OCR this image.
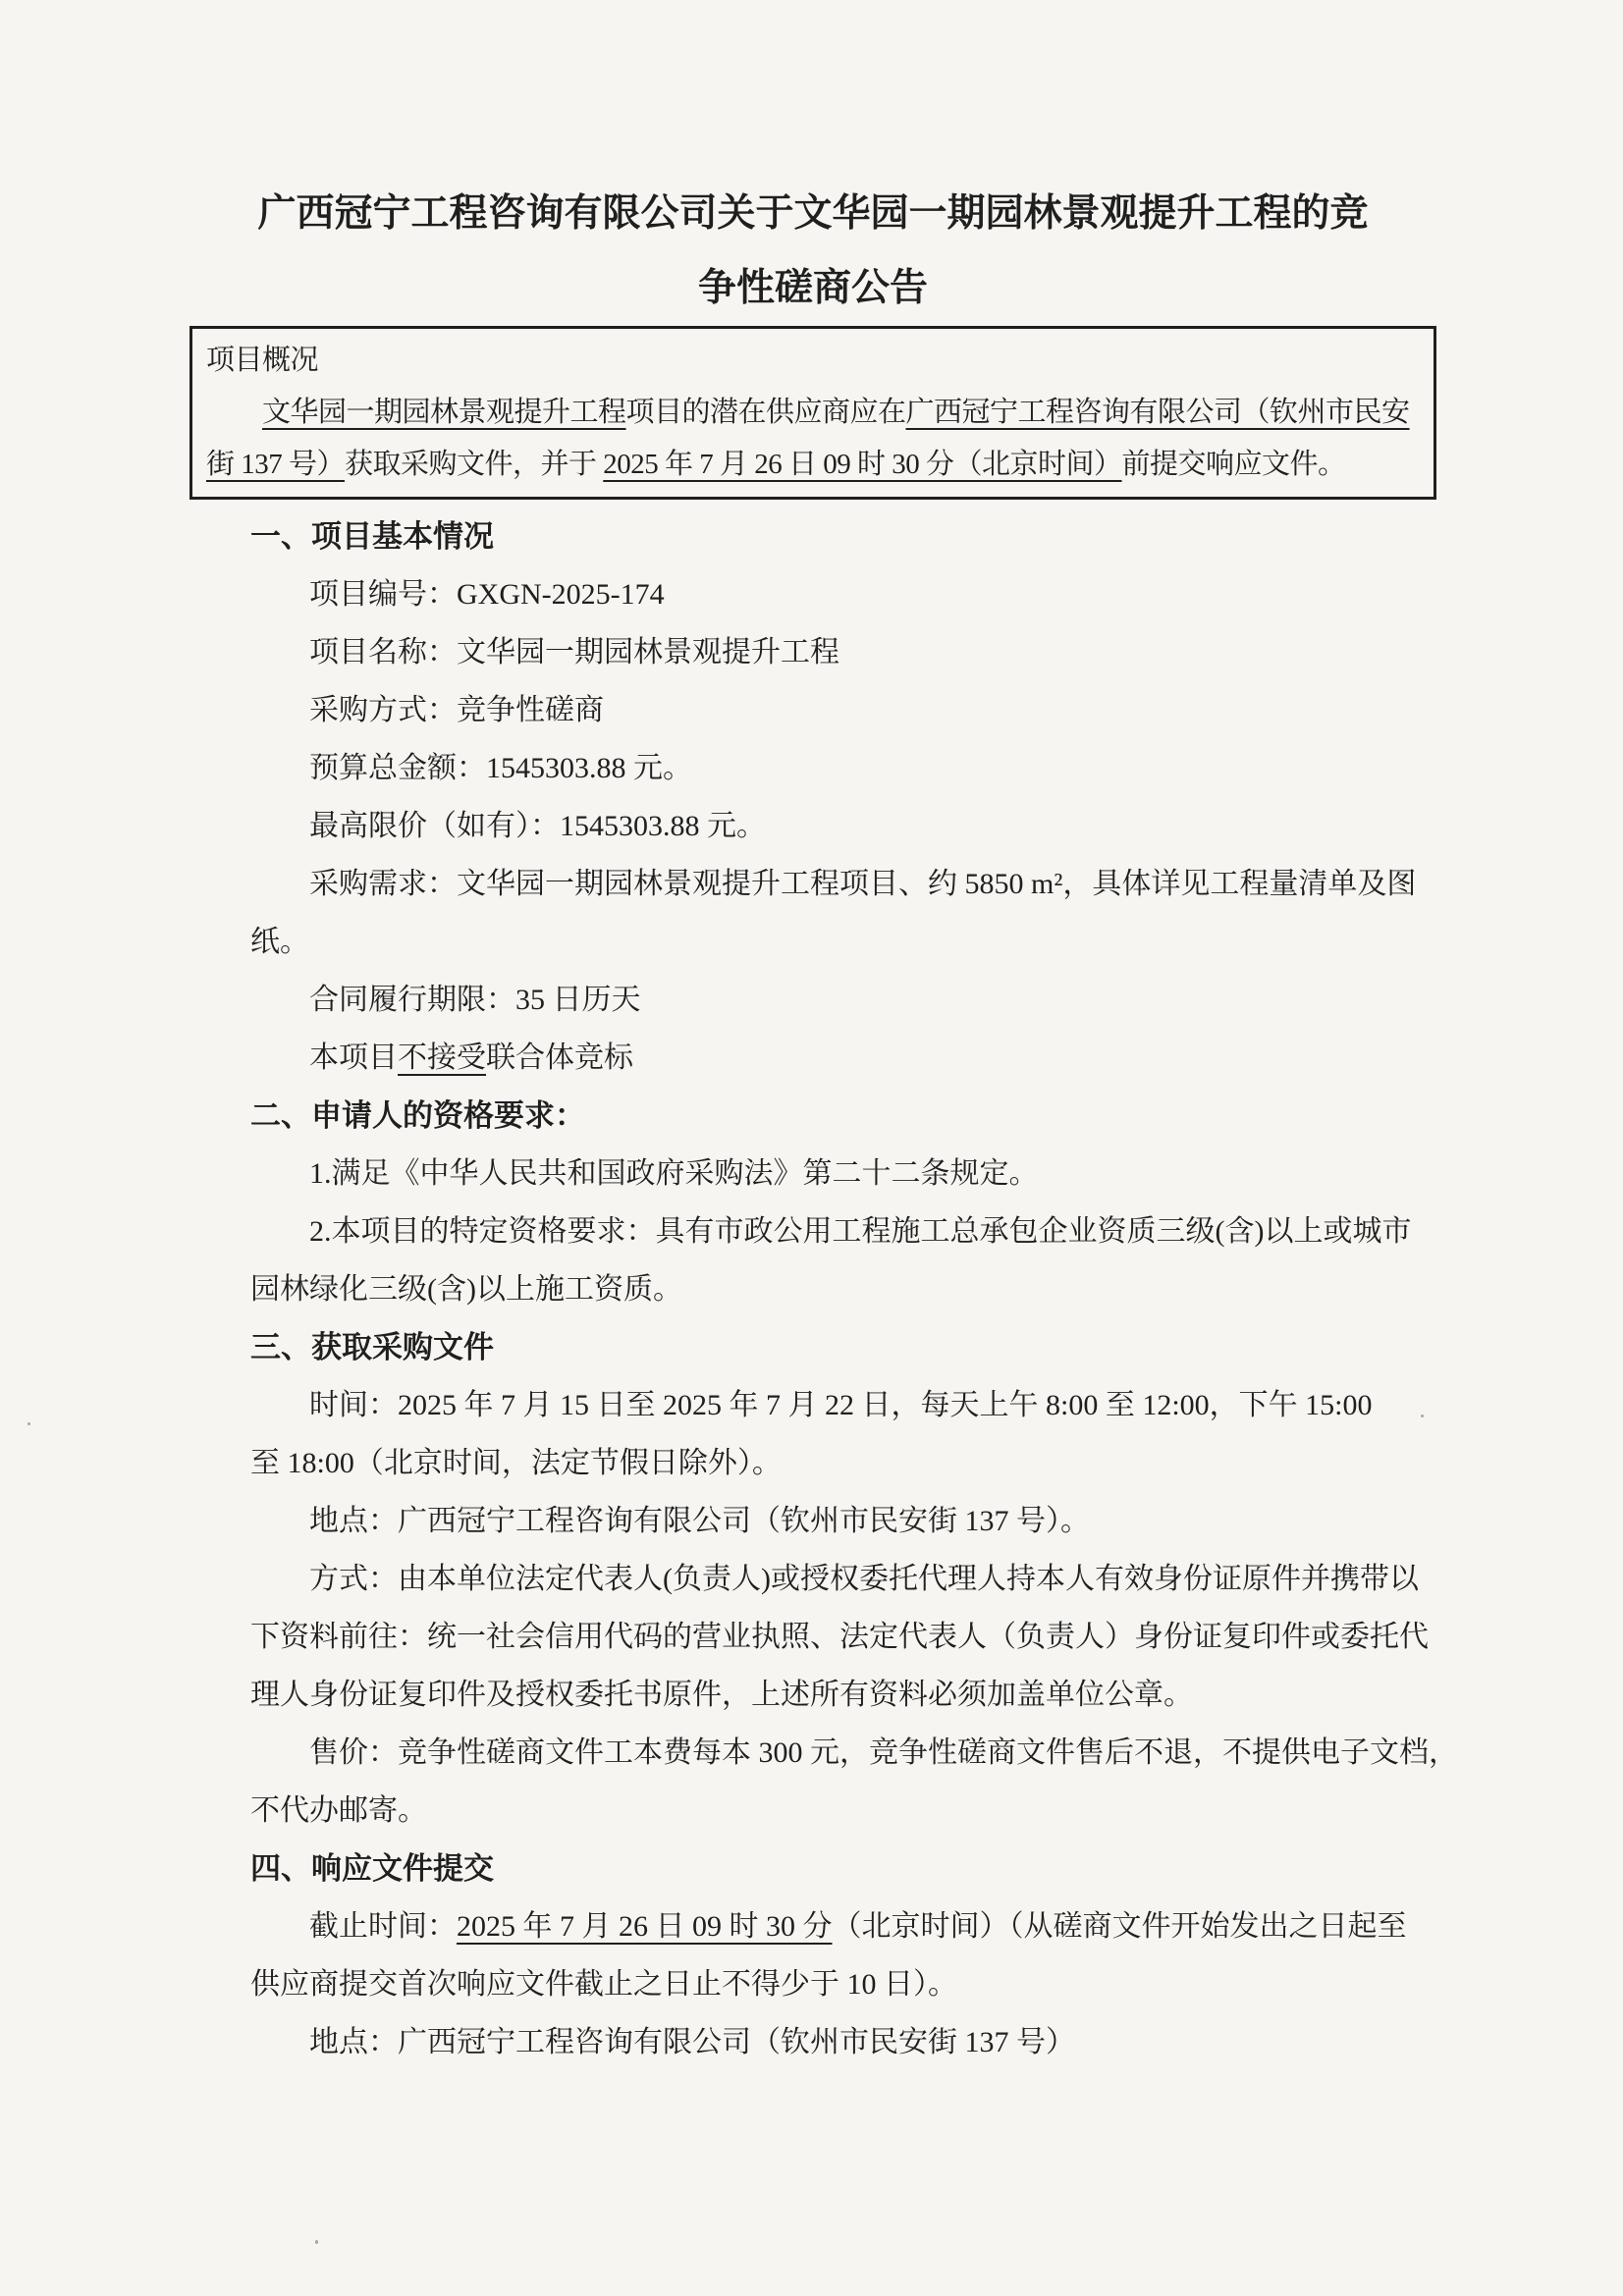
广西冠宁工程咨询有限公司关于文华园一期园林景观提升工程的竞
争性磋商公告
项目概况
文华园一期园林景观提升工程项目的潜在供应商应在广西冠宁工程咨询有限公司（钦州市民安
街 137 号）获取采购文件，并于 2025 年 7 月 26 日 09 时 30 分（北京时间）前提交响应文件。
一、项目基本情况
项目编号：GXGN-2025-174
项目名称：文华园一期园林景观提升工程
采购方式：竞争性磋商
预算总金额：1545303.88 元。
最高限价（如有）：1545303.88 元。
采购需求：文华园一期园林景观提升工程项目、约 5850 m²，具体详见工程量清单及图
纸。
合同履行期限：35 日历天
本项目不接受联合体竞标
二、申请人的资格要求：
1.满足《中华人民共和国政府采购法》第二十二条规定。
2.本项目的特定资格要求：具有市政公用工程施工总承包企业资质三级(含)以上或城市
园林绿化三级(含)以上施工资质。
三、获取采购文件
时间：2025 年 7 月 15 日至 2025 年 7 月 22 日，每天上午 8:00 至 12:00，下午 15:00
至 18:00（北京时间，法定节假日除外）。
地点：广西冠宁工程咨询有限公司（钦州市民安街 137 号）。
方式：由本单位法定代表人(负责人)或授权委托代理人持本人有效身份证原件并携带以
下资料前往：统一社会信用代码的营业执照、法定代表人（负责人）身份证复印件或委托代
理人身份证复印件及授权委托书原件，上述所有资料必须加盖单位公章。
售价：竞争性磋商文件工本费每本 300 元，竞争性磋商文件售后不退，不提供电子文档，
不代办邮寄。
四、响应文件提交
截止时间：2025 年 7 月 26 日 09 时 30 分（北京时间）（从磋商文件开始发出之日起至
供应商提交首次响应文件截止之日止不得少于 10 日）。
地点：广西冠宁工程咨询有限公司（钦州市民安街 137 号）
